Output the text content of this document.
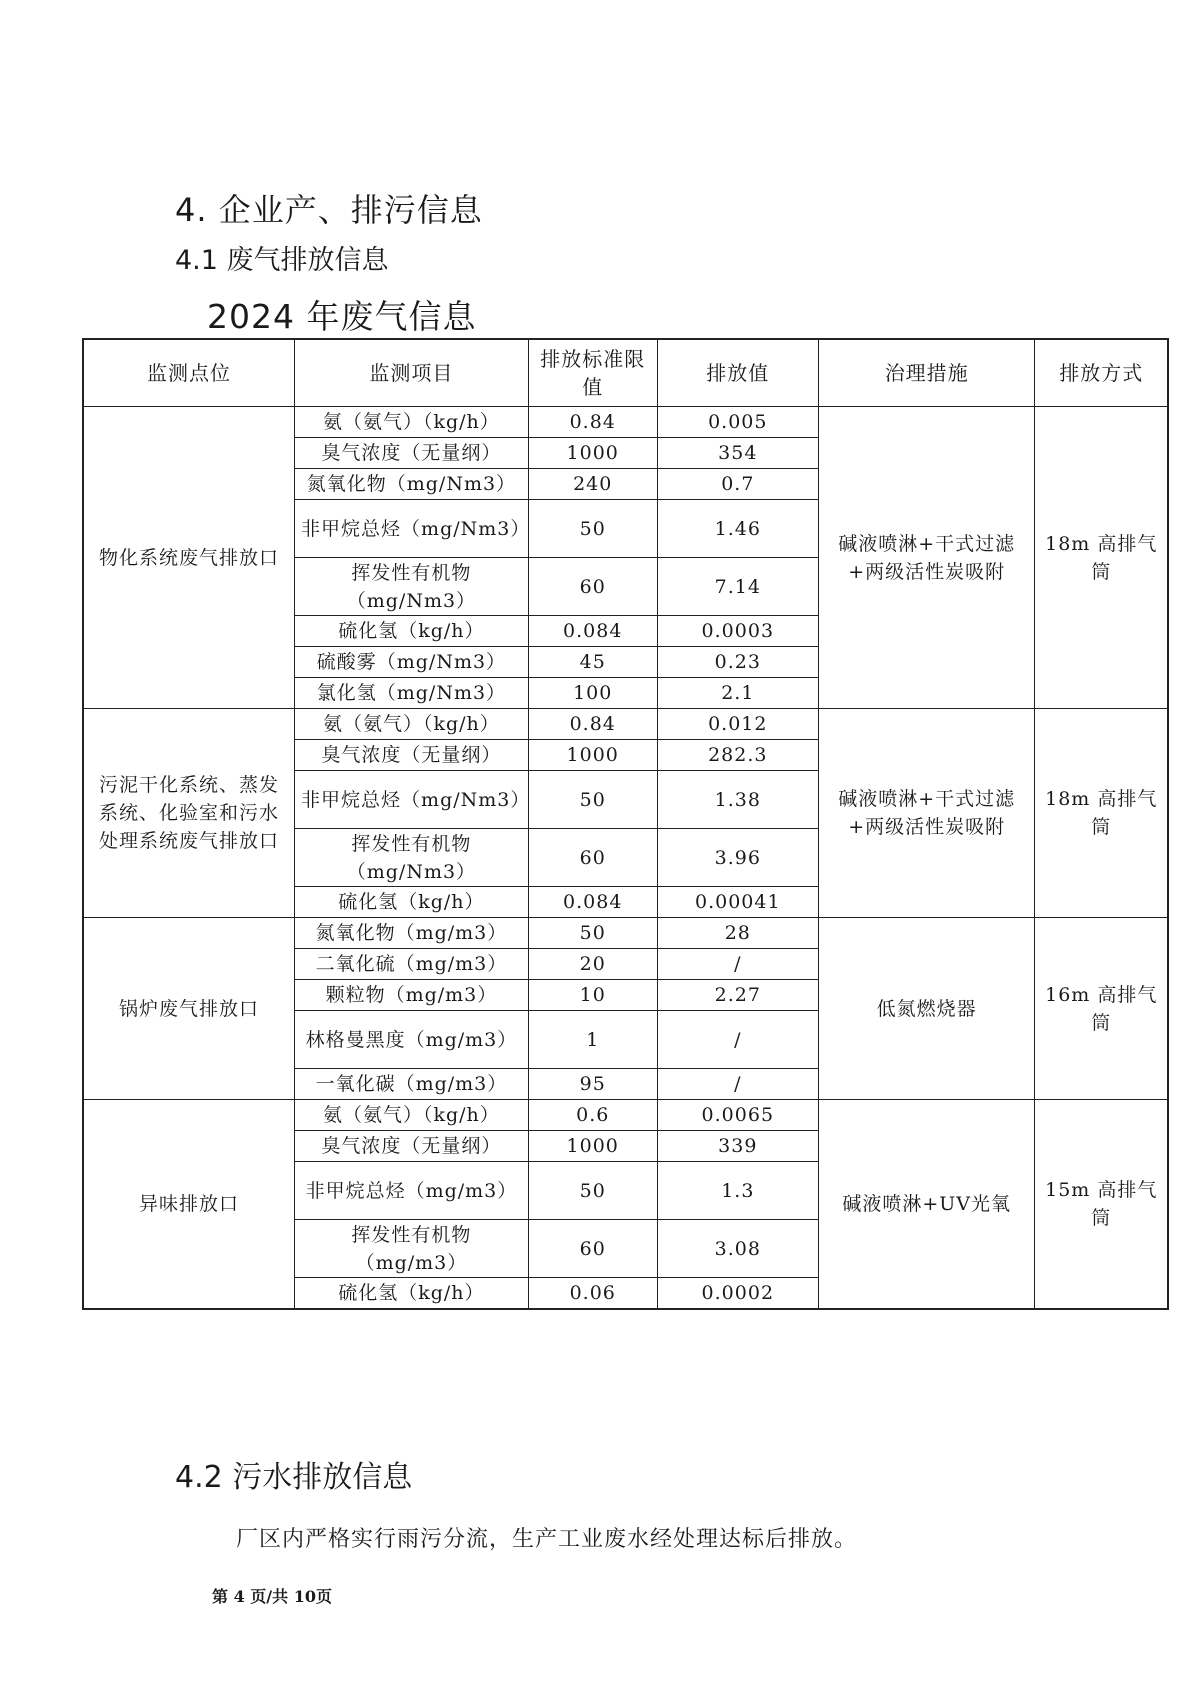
4. 企业产、排污信息
4.1 废气排放信息
2024 年废气信息
监测点位	监测项目	排放标准限值	排放值	治理措施	排放方式
物化系统废气排放口	氨（氨气）（kg/h）	0.84	0.005	碱液喷淋+干式过滤+两级活性炭吸附	18m 高排气筒
	臭气浓度（无量纲）	1000	354		
	氮氧化物（mg/Nm3）	240	0.7		
	非甲烷总烃（mg/Nm3）	50	1.46		
	挥发性有机物（mg/Nm3）	60	7.14		
	硫化氢（kg/h）	0.084	0.0003		
	硫酸雾（mg/Nm3）	45	0.23		
	氯化氢（mg/Nm3）	100	2.1		
污泥干化系统、蒸发系统、化验室和污水处理系统废气排放口	氨（氨气）（kg/h）	0.84	0.012	碱液喷淋+干式过滤+两级活性炭吸附	18m 高排气筒
	臭气浓度（无量纲）	1000	282.3		
	非甲烷总烃（mg/Nm3）	50	1.38		
	挥发性有机物（mg/Nm3）	60	3.96		
	硫化氢（kg/h）	0.084	0.00041		
锅炉废气排放口	氮氧化物（mg/m3）	50	28	低氮燃烧器	16m 高排气筒
	二氧化硫（mg/m3）	20	/		
	颗粒物（mg/m3）	10	2.27		
	林格曼黑度（mg/m3）	1	/		
	一氧化碳（mg/m3）	95	/		
异味排放口	氨（氨气）（kg/h）	0.6	0.0065	碱液喷淋+UV光氧	15m 高排气筒
	臭气浓度（无量纲）	1000	339		
	非甲烷总烃（mg/m3）	50	1.3		
	挥发性有机物（mg/m3）	60	3.08		
	硫化氢（kg/h）	0.06	0.0002		
4.2 污水排放信息
厂区内严格实行雨污分流，生产工业废水经处理达标后排放。
第 4 页/共 10页
